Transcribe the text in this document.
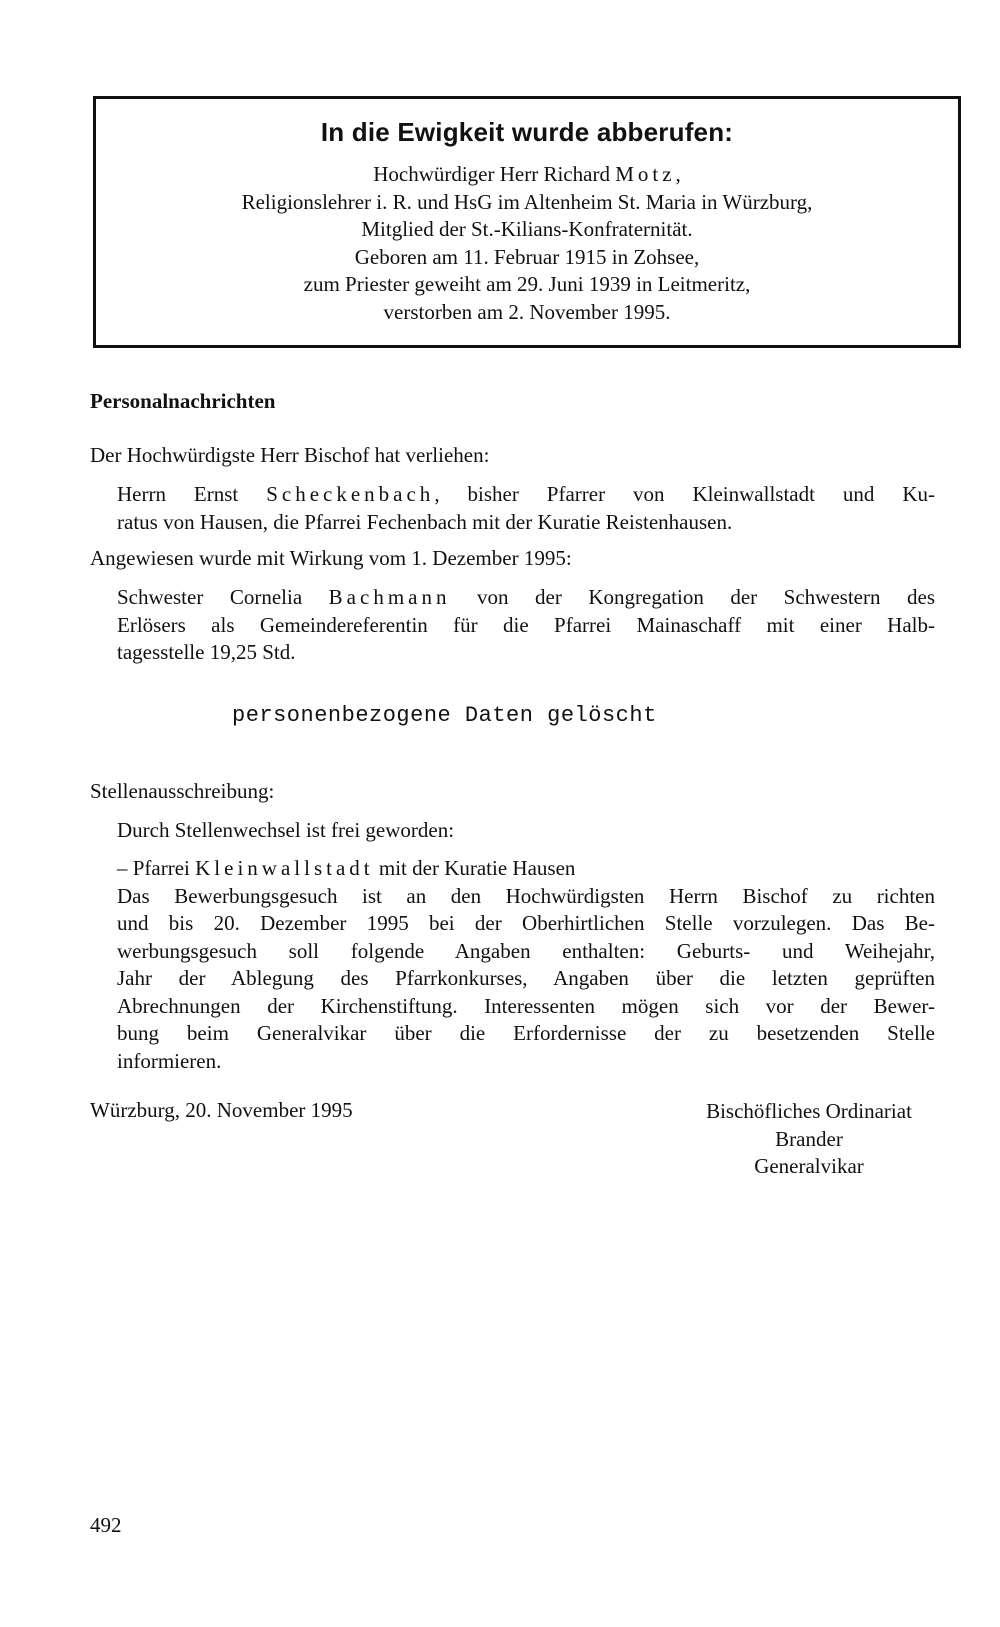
In die Ewigkeit wurde abberufen:
Hochwürdiger Herr Richard Motz,
Religionslehrer i. R. und HsG im Altenheim St. Maria in Würzburg,
Mitglied der St.-Kilians-Konfraternität.
Geboren am 11. Februar 1915 in Zohsee,
zum Priester geweiht am 29. Juni 1939 in Leitmeritz,
verstorben am 2. November 1995.
Personalnachrichten
Der Hochwürdigste Herr Bischof hat verliehen:
Herrn Ernst Scheckenbach, bisher Pfarrer von Kleinwallstadt und Ku-
ratus von Hausen, die Pfarrei Fechenbach mit der Kuratie Reistenhausen.
Angewiesen wurde mit Wirkung vom 1. Dezember 1995:
Schwester Cornelia Bachmann von der Kongregation der Schwestern des
Erlösers als Gemeindereferentin für die Pfarrei Mainaschaff mit einer Halb-
tagesstelle 19,25 Std.
personenbezogene Daten gelöscht
Stellenausschreibung:
Durch Stellenwechsel ist frei geworden:
– Pfarrei Kleinwallstadt mit der Kuratie Hausen
Das Bewerbungsgesuch ist an den Hochwürdigsten Herrn Bischof zu richten
und bis 20. Dezember 1995 bei der Oberhirtlichen Stelle vorzulegen. Das Be-
werbungsgesuch soll folgende Angaben enthalten: Geburts- und Weihejahr,
Jahr der Ablegung des Pfarrkonkurses, Angaben über die letzten geprüften
Abrechnungen der Kirchenstiftung. Interessenten mögen sich vor der Bewer-
bung beim Generalvikar über die Erfordernisse der zu besetzenden Stelle
informieren.
Würzburg, 20. November 1995	Bischöfliches Ordinariat
Brander
Generalvikar
492
